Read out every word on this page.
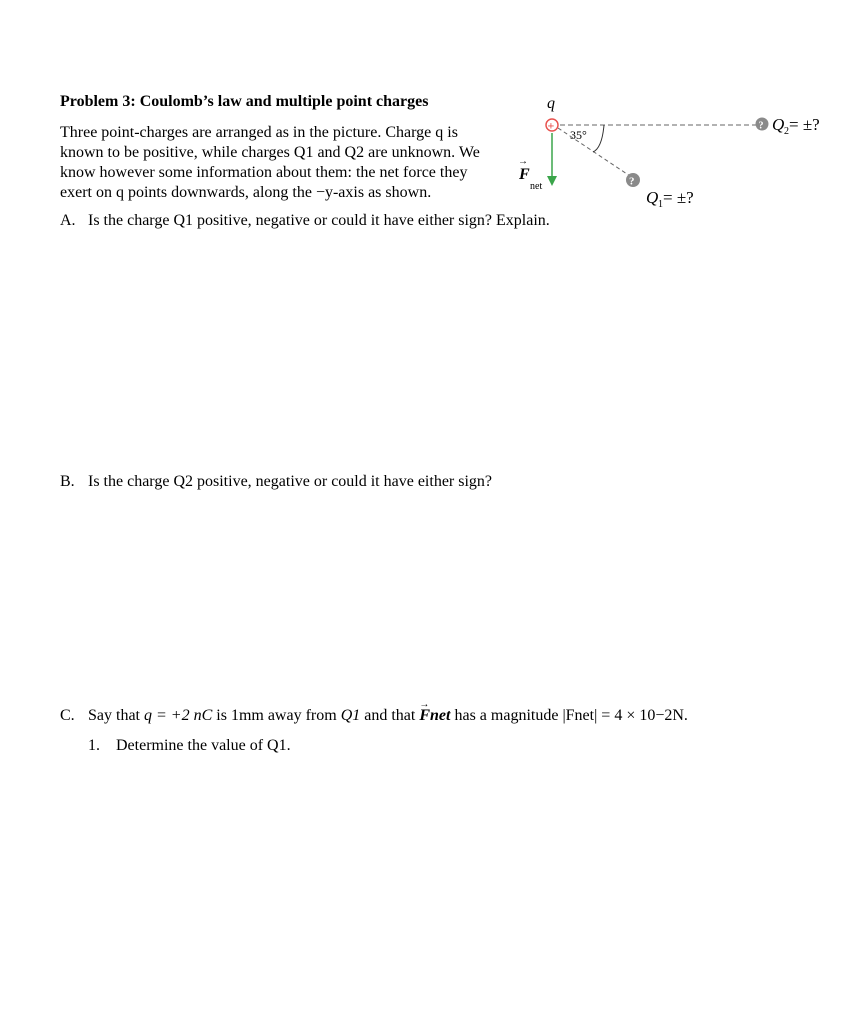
Problem 3: Coulomb’s law and multiple point charges
Three point-charges are arranged as in the picture. Charge q is
known to be positive, while charges Q1 and Q2 are unknown. We
know however some information about them: the net force they
exert on q points downwards, along the −y-axis as shown.
q
35°
+
F
→
net	?
Q 1 = ±?
? Q 2 = ±?
A. Is the charge Q1 positive, negative or could it have either sign? Explain.
B. Is the charge Q2 positive, negative or could it have either sign?
C. Say that q = +2 nC is 1mm away from Q1 and that → Fnet has a magnitude |Fnet| = 4 × 10−2N.
1. Determine the value of Q1.
